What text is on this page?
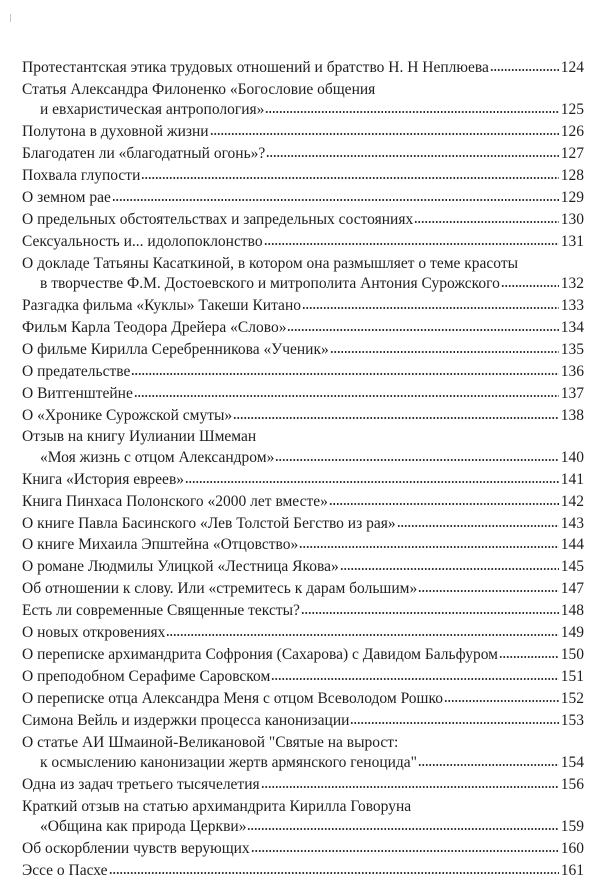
Протестантская этика трудовых отношений и братство Н. Н Неплюева	124
Статья Александра Филоненко «Богословие общения
и евхаристическая антропология»	125
Полутона в духовной жизни	126
Благодатен ли «благодатный огонь»?	127
Похвала глупости	128
О земном рае	129
О предельных обстоятельствах и запредельных состояниях	130
Сексуальность и... идолопоклонство	131
О докладе Татьяны Касаткиной, в котором она размышляет о теме красоты
в творчестве Ф.М. Достоевского и митрополита Антония Сурожского	132
Разгадка фильма «Куклы» Такеши Китано	133
Фильм Карла Теодора Дрейера «Слово»	134
О фильме Кирилла Серебренникова «Ученик»	135
О предательстве	136
О Витгенштейне	137
О «Хронике Сурожской смуты»	138
Отзыв на книгу Иулиании Шмеман
«Моя жизнь с отцом Александром»	140
Книга «История евреев»	141
Книга Пинхаса Полонского «2000 лет вместе»	142
О книге Павла Басинского «Лев Толстой Бегство из рая»	143
О книге Михаила Эпштейна «Отцовство»	144
О романе Людмилы Улицкой «Лестница Якова»	145
Об отношении к слову. Или «стремитесь к дарам большим»	147
Есть ли современные Священные тексты?	148
О новых откровениях	149
О переписке архимандрита Софрония (Сахарова) с Давидом Бальфуром	150
О преподобном Серафиме Саровском	151
О переписке отца Александра Меня с отцом Всеволодом Рошко	152
Симона Вейль и издержки процесса канонизации	153
О статье АИ Шмаиной-Великановой "Святые на вырост:
к осмыслению канонизации жертв армянского геноцида"	154
Одна из задач третьего тысячелетия	156
Краткий отзыв на статью архимандрита Кирилла Говоруна
«Община как природа Церкви»	159
Об оскорблении чувств верующих	160
Эссе о Пасхе	161
